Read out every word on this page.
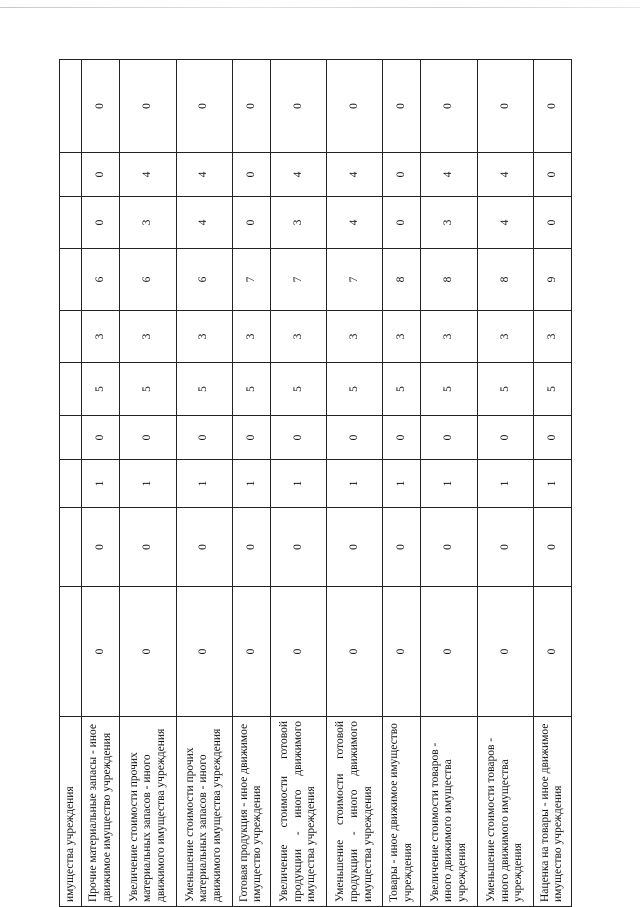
имущества учреждения										
Прочие материальные запасы - иное движимое имущество учреждения	0	0	1	0	5	3	6	0	0	0
Увеличение стоимости прочих материальных запасов - иного движимого имущества учреждения	0	0	1	0	5	3	6	3	4	0
Уменьшение стоимости прочих материальных запасов - иного движимого имущества учреждения	0	0	1	0	5	3	6	4	4	0
Готовая продукция - иное движимое имущество учреждения	0	0	1	0	5	3	7	0	0	0
Увеличение стоимости готовой продукции - иного движимого имущества учреждения	0	0	1	0	5	3	7	3	4	0
Уменьшение стоимости готовой продукции - иного движимого имущества учреждения	0	0	1	0	5	3	7	4	4	0
Товары - иное движимое имущество учреждения	0	0	1	0	5	3	8	0	0	0
Увеличение стоимости товаров - иного движимого имущества учреждения	0	0	1	0	5	3	8	3	4	0
Уменьшение стоимости товаров - иного движимого имущества учреждения	0	0	1	0	5	3	8	4	4	0
Наценка на товары - иное движимое имущество учреждения	0	0	1	0	5	3	9	0	0	0
